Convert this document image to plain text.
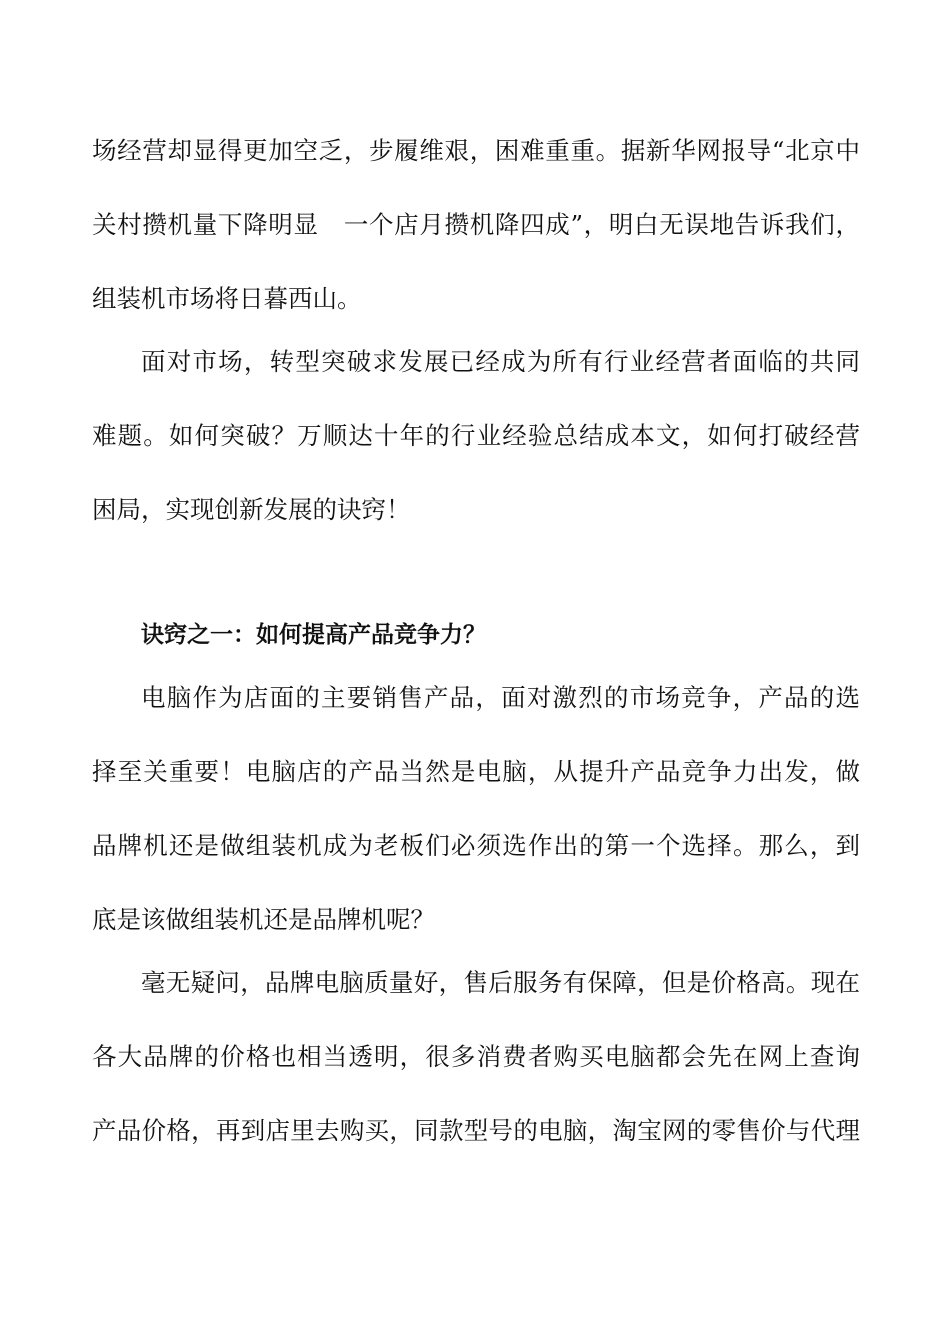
场经营却显得更加空乏，步履维艰，困难重重。据新华网报导“北京中
关村攒机量下降明显　一个店月攒机降四成”，明白无误地告诉我们，
组装机市场将日暮西山。
面对市场，转型突破求发展已经成为所有行业经营者面临的共同
难题。如何突破？万顺达十年的行业经验总结成本文，如何打破经营
困局，实现创新发展的诀窍！
诀窍之一：如何提高产品竞争力？
电脑作为店面的主要销售产品，面对激烈的市场竞争，产品的选
择至关重要！电脑店的产品当然是电脑，从提升产品竞争力出发，做
品牌机还是做组装机成为老板们必须选作出的第一个选择。那么，到
底是该做组装机还是品牌机呢？
毫无疑问，品牌电脑质量好，售后服务有保障，但是价格高。现在
各大品牌的价格也相当透明，很多消费者购买电脑都会先在网上查询
产品价格，再到店里去购买，同款型号的电脑，淘宝网的零售价与代理
